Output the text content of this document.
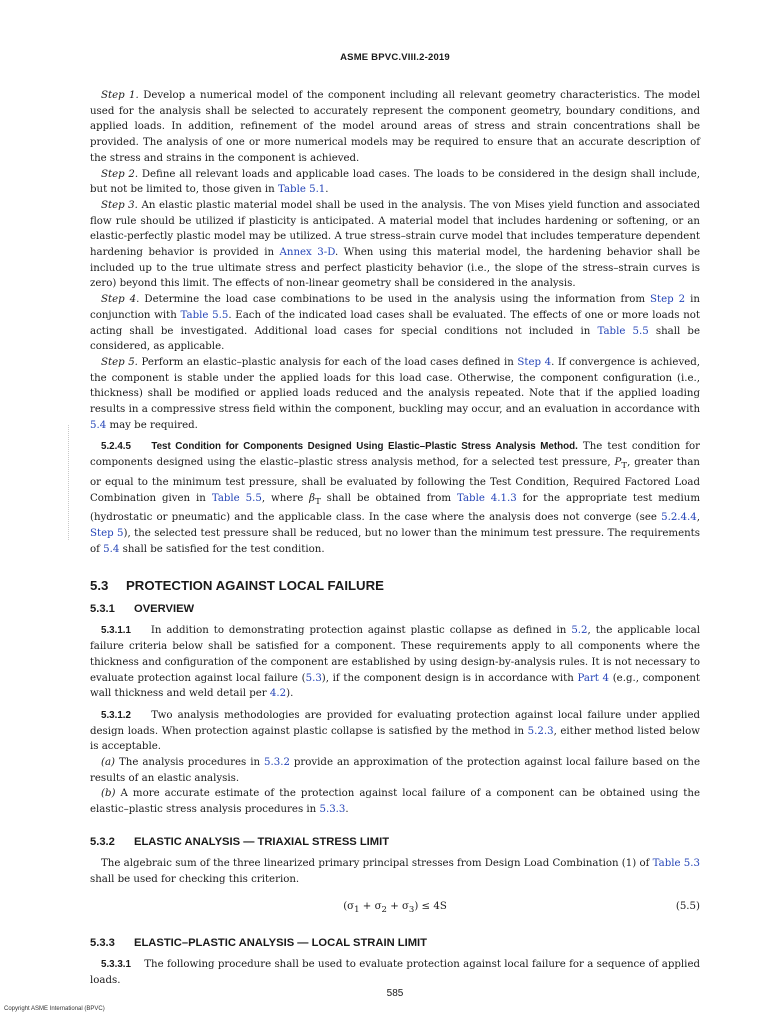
ASME BPVC.VIII.2-2019

Step 1. Develop a numerical model of the component including all relevant geometry characteristics. The model used for the analysis shall be selected to accurately represent the component geometry, boundary conditions, and applied loads. In addition, refinement of the model around areas of stress and strain concentrations shall be provided. The analysis of one or more numerical models may be required to ensure that an accurate description of the stress and strains in the component is achieved.

Step 2. Define all relevant loads and applicable load cases. The loads to be considered in the design shall include, but not be limited to, those given in Table 5.1.

Step 3. An elastic plastic material model shall be used in the analysis. The von Mises yield function and associated flow rule should be utilized if plasticity is anticipated. A material model that includes hardening or softening, or an elastic-perfectly plastic model may be utilized. A true stress–strain curve model that includes temperature dependent hardening behavior is provided in Annex 3-D. When using this material model, the hardening behavior shall be included up to the true ultimate stress and perfect plasticity behavior (i.e., the slope of the stress–strain curves is zero) beyond this limit. The effects of non-linear geometry shall be considered in the analysis.

Step 4. Determine the load case combinations to be used in the analysis using the information from Step 2 in conjunction with Table 5.5. Each of the indicated load cases shall be evaluated. The effects of one or more loads not acting shall be investigated. Additional load cases for special conditions not included in Table 5.5 shall be considered, as applicable.

Step 5. Perform an elastic–plastic analysis for each of the load cases defined in Step 4. If convergence is achieved, the component is stable under the applied loads for this load case. Otherwise, the component configuration (i.e., thickness) shall be modified or applied loads reduced and the analysis repeated. Note that if the applied loading results in a compressive stress field within the component, buckling may occur, and an evaluation in accordance with 5.4 may be required.

5.2.4.5 Test Condition for Components Designed Using Elastic–Plastic Stress Analysis Method. The test condition for components designed using the elastic–plastic stress analysis method, for a selected test pressure, $P_T$, greater than or equal to the minimum test pressure, shall be evaluated by following the Test Condition, Required Factored Load Combination given in Table 5.5, where $\beta_T$ shall be obtained from Table 4.1.3 for the appropriate test medium (hydrostatic or pneumatic) and the applicable class. In the case where the analysis does not converge (see 5.2.4.4, Step 5), the selected test pressure shall be reduced, but no lower than the minimum test pressure. The requirements of 5.4 shall be satisfied for the test condition.

5.3 PROTECTION AGAINST LOCAL FAILURE
5.3.1 OVERVIEW

5.3.1.1 In addition to demonstrating protection against plastic collapse as defined in 5.2, the applicable local failure criteria below shall be satisfied for a component. These requirements apply to all components where the thickness and configuration of the component are established by using design-by-analysis rules. It is not necessary to evaluate protection against local failure (5.3), if the component design is in accordance with Part 4 (e.g., component wall thickness and weld detail per 4.2).

5.3.1.2 Two analysis methodologies are provided for evaluating protection against local failure under applied design loads. When protection against plastic collapse is satisfied by the method in 5.2.3, either method listed below is acceptable.

(a) The analysis procedures in 5.3.2 provide an approximation of the protection against local failure based on the results of an elastic analysis.

(b) A more accurate estimate of the protection against local failure of a component can be obtained using the elastic–plastic stress analysis procedures in 5.3.3.

5.3.2 ELASTIC ANALYSIS — TRIAXIAL STRESS LIMIT

The algebraic sum of the three linearized primary principal stresses from Design Load Combination (1) of Table 5.3 shall be used for checking this criterion.

$(\sigma_1 + \sigma_2 + \sigma_3) \le 4S$	(5.5)
5.3.3 ELASTIC–PLASTIC ANALYSIS — LOCAL STRAIN LIMIT

5.3.3.1 The following procedure shall be used to evaluate protection against local failure for a sequence of applied loads.

585
Copyright ASME International (BPVC)
